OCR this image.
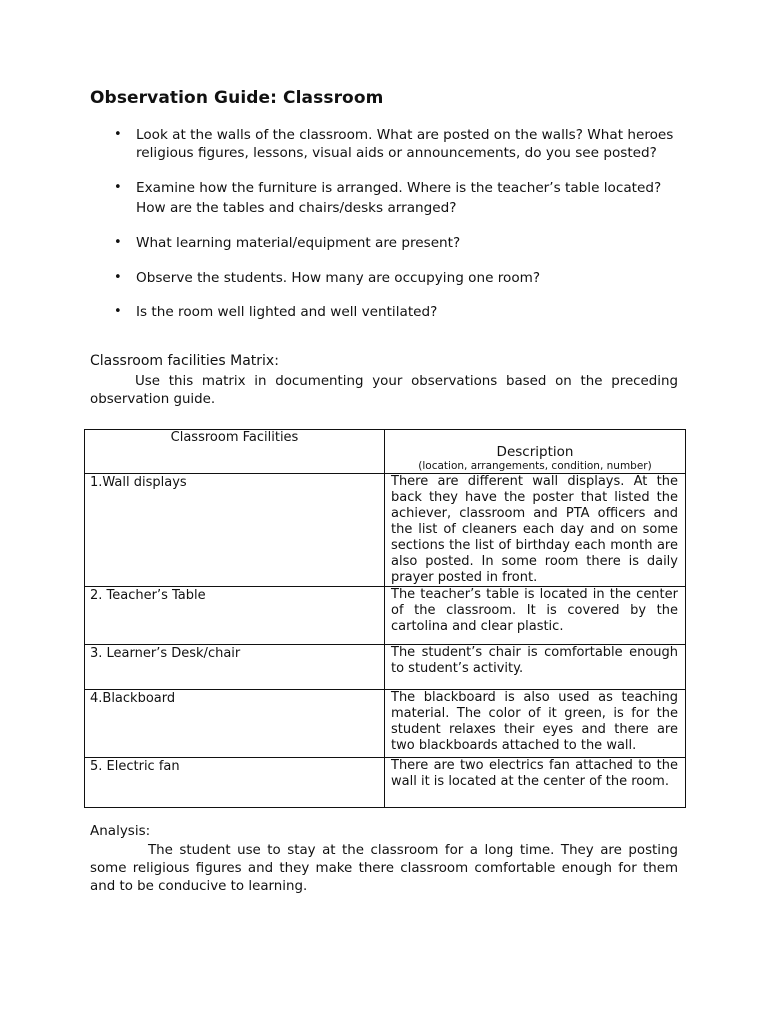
Observation Guide: Classroom
• Look at the walls of the classroom. What are posted on the walls? What heroes religious figures, lessons, visual aids or announcements, do you see posted?
• Examine how the furniture is arranged. Where is the teacher’s table located? How are the tables and chairs/desks arranged?
• What learning material/equipment are present?
• Observe the students. How many are occupying one room?
• Is the room well lighted and well ventilated?

Classroom facilities Matrix:

Use this matrix in documenting your observations based on the preceding observation guide.

Classroom Facilities	Description
(location, arrangements, condition, number)

1.Wall displays	There are different wall displays. At the back they have the poster that listed the achiever, classroom and PTA officers and the list of cleaners each day and on some sections the list of birthday each month are also posted. In some room there is daily prayer posted in front.
2. Teacher’s Table	The teacher’s table is located in the center of the classroom. It is covered by the cartolina and clear plastic.
3. Learner’s Desk/chair	The student’s chair is comfortable enough to student’s activity.
4.Blackboard	The blackboard is also used as teaching material. The color of it green, is for the student relaxes their eyes and there are two blackboards attached to the wall.
5. Electric fan	There are two electrics fan attached to the wall it is located at the center of the room.

Analysis:

The student use to stay at the classroom for a long time. They are posting some religious figures and they make there classroom comfortable enough for them and to be conducive to learning.
